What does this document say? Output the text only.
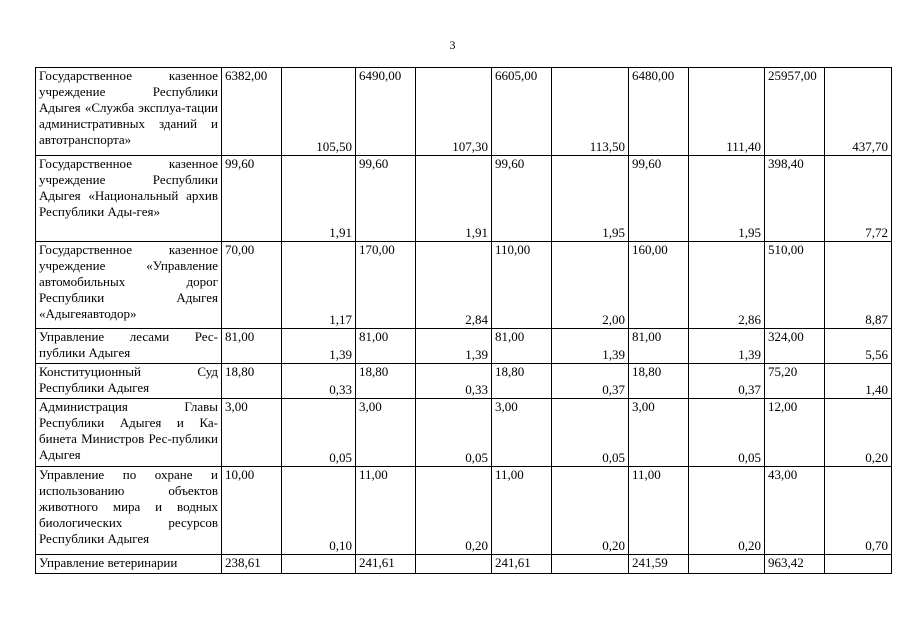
3
Государственное казенное учреждение Республики Адыгея «Служба эксплуа-тации административных зданий и автотранспорта»	6382,00	105,50	6490,00	107,30	6605,00	113,50	6480,00	111,40	25957,00	437,70	
Государственное казенное учреждение Республики Адыгея «Национальный архив Республики Ады-гея»	99,60	1,91	99,60	1,91	99,60	1,95	99,60	1,95	398,40	7,72	
Государственное казенное учреждение «Управление автомобильных дорог Республики Адыгея «Адыгеяавтодор»	70,00	1,17	170,00	2,84	110,00	2,00	160,00	2,86	510,00	8,87	
Управление лесами Рес-публики Адыгея	81,00	1,39	81,00	1,39	81,00	1,39	81,00	1,39	324,00	5,56	
Конституционный Суд Республики Адыгея	18,80	0,33	18,80	0,33	18,80	0,37	18,80	0,37	75,20	1,40	
Администрация Главы Республики Адыгея и Ка-бинета Министров Рес-публики Адыгея	3,00	0,05	3,00	0,05	3,00	0,05	3,00	0,05	12,00	0,20	
Управление по охране и использованию объектов животного мира и водных биологических ресурсов Республики Адыгея	10,00	0,10	11,00	0,20	11,00	0,20	11,00	0,20	43,00	0,70	
Управление ветеринарии	238,61		241,61		241,61		241,59		963,42		
